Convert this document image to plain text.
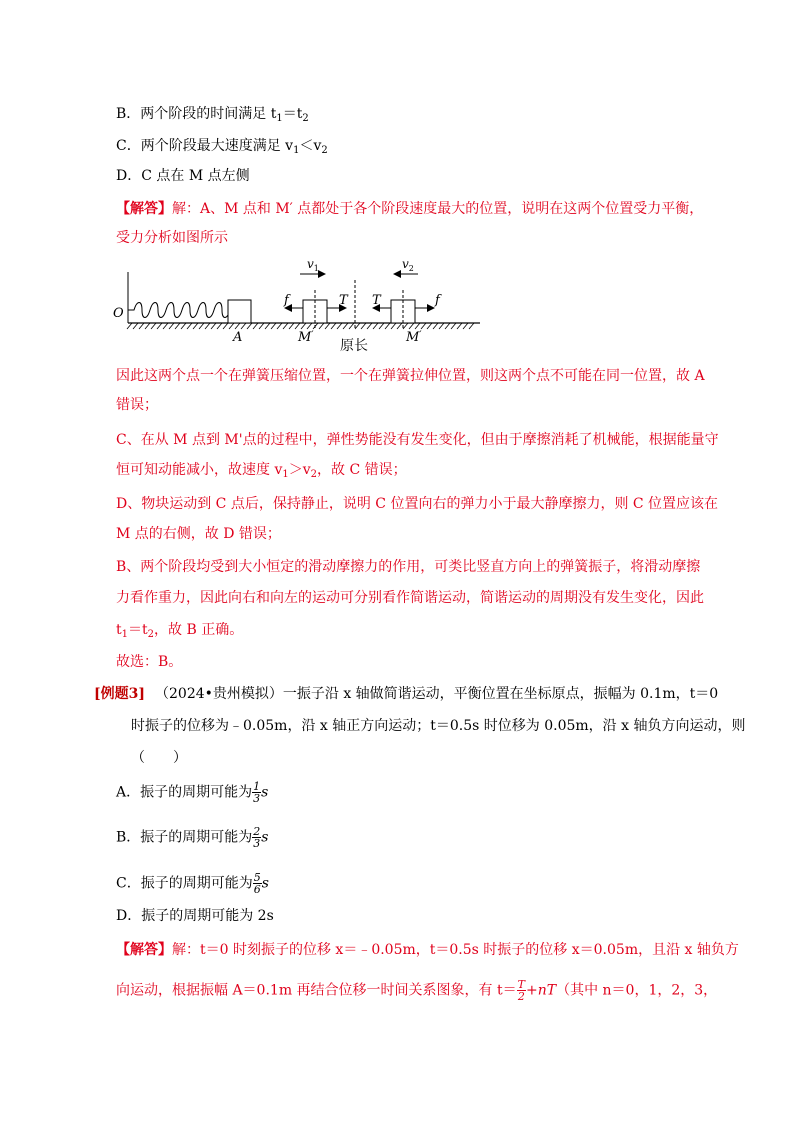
B．两个阶段的时间满足 $t_1=t_2$
C．两个阶段最大速度满足 $v_1<v_2$
D．C 点在 M 点左侧
【解答】解：A、M 点和 M′ 点都处于各个阶段速度最大的位置，说明在这两个位置受力平衡，
受力分析如图所示
O
A	M′	M′
原长
$v_1$	$v_2$
f	T T	f
因此这两个点一个在弹簧压缩位置，一个在弹簧拉伸位置，则这两个点不可能在同一位置，故 A
错误；
C、在从 M 点到 M'点的过程中，弹性势能没有发生变化，但由于摩擦消耗了机械能，根据能量守
恒可知动能减小，故速度 $v_1>v_2$，故 C 错误；
D、物块运动到 C 点后，保持静止，说明 C 位置向右的弹力小于最大静摩擦力，则 C 位置应该在
M 点的右侧，故 D 错误；
B、两个阶段均受到大小恒定的滑动摩擦力的作用，可类比竖直方向上的弹簧振子，将滑动摩擦
力看作重力，因此向右和向左的运动可分别看作简谐运动，简谐运动的周期没有发生变化，因此
$t_1=t_2$，故 B 正确。
故选：B。
[例题3] （2024•贵州模拟）一振子沿 x 轴做简谐运动，平衡位置在坐标原点，振幅为 0.1m，t＝0
时振子的位移为﹣0.05m，沿 x 轴正方向运动；t＝0.5s 时位移为 0.05m，沿 x 轴负方向运动，则
（　　）
A．振子的周期可能为 $\frac{1}{3}$ s
B．振子的周期可能为 $\frac{2}{3}$ s
C．振子的周期可能为 $\frac{5}{6}$ s
D．振子的周期可能为 2s
【解答】解：t＝0 时刻振子的位移 x＝﹣0.05m，t＝0.5s 时振子的位移 x＝0.05m，且沿 x 轴负方
向运动，根据振幅 A＝0.1m 再结合位移一时间关系图象，有 $t= \frac{T}{2} +nT$（其中 n＝0，1，2，3，
